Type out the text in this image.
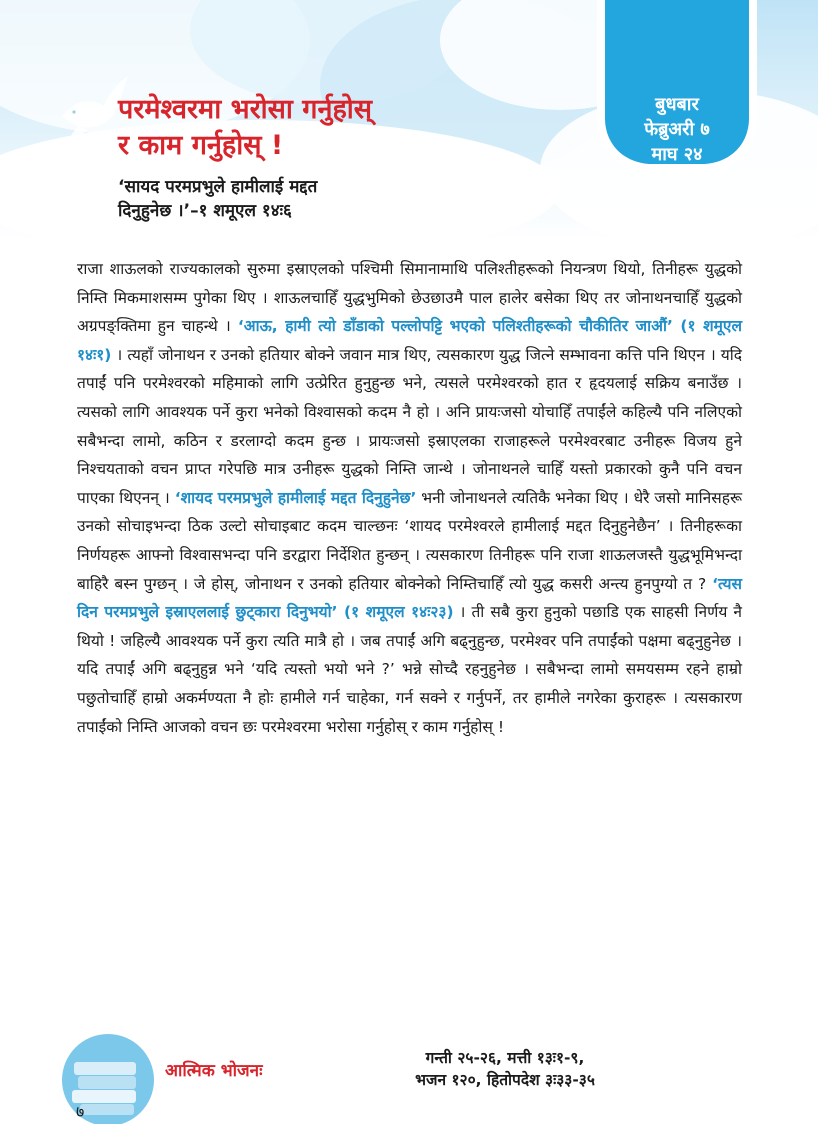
परमेश्वरमा भरोसा गर्नुहोस्
र काम गर्नुहोस् !
‘सायद परमप्रभुले हामीलाई मद्दत
दिनुहुनेछ ।’–१ शमूएल १४ः६
बुधबार
फेब्रुअरी ७
माघ २४
राजा शाऊलको राज्यकालको सुरुमा इस्राएलको पश्चिमी सिमानामाथि पलिश्तीहरूको नियन्त्रण थियो, तिनीहरू युद्धको निम्ति मिकमाशसम्म पुगेका थिए । शाऊलचाहिँ युद्धभुमिको छेउछाउमै पाल हालेर बसेका थिए तर जोनाथनचाहिँ युद्धको अग्रपङ्क्तिमा हुन चाहन्थे । ‘आऊ, हामी त्यो डाँडाको पल्लोपट्टि भएको पलिश्तीहरूको चौकीतिर जाऔं’ (१ शमूएल १४ः१) । त्यहाँ जोनाथन र उनको हतियार बोक्ने जवान मात्र थिए, त्यसकारण युद्ध जित्ने सम्भावना कत्ति पनि थिएन । यदि तपाईं पनि परमेश्वरको महिमाको लागि उत्प्रेरित हुनुहुन्छ भने, त्यसले परमेश्वरको हात र हृदयलाई सक्रिय बनाउँछ । त्यसको लागि आवश्यक पर्ने कुरा भनेको विश्वासको कदम नै हो । अनि प्रायःजसो योचाहिँ तपाईंले कहिल्यै पनि नलिएको सबैभन्दा लामो, कठिन र डरलाग्दो कदम हुन्छ । प्रायःजसो इस्राएलका राजाहरूले परमेश्वरबाट उनीहरू विजय हुने निश्चयताको वचन प्राप्त गरेपछि मात्र उनीहरू युद्धको निम्ति जान्थे । जोनाथनले चाहिँ यस्तो प्रकारको कुनै पनि वचन पाएका थिएनन् । ‘शायद परमप्रभुले हामीलाई मद्दत दिनुहुनेछ’ भनी जोनाथनले त्यतिकै भनेका थिए । धेरै जसो मानिसहरू उनको सोचाइभन्दा ठिक उल्टो सोचाइबाट कदम चाल्छनः ‘शायद परमेश्वरले हामीलाई मद्दत दिनुहुनेछैन’ । तिनीहरूका निर्णयहरू आफ्नो विश्वासभन्दा पनि डरद्वारा निर्देशित हुन्छन् । त्यसकारण तिनीहरू पनि राजा शाऊलजस्तै युद्धभूमिभन्दा बाहिरै बस्न पुग्छन् । जे होस्, जोनाथन र उनको हतियार बोक्नेको निम्तिचाहिँ त्यो युद्ध कसरी अन्त्य हुनपुग्यो त ? ‘त्यस दिन परमप्रभुले इस्राएललाई छुट्कारा दिनुभयो’ (१ शमूएल १४ः२३) । ती सबै कुरा हुनुको पछाडि एक साहसी निर्णय नै थियो ! जहिल्यै आवश्यक पर्ने कुरा त्यति मात्रै हो । जब तपाईं अगि बढ्नुहुन्छ, परमेश्वर पनि तपाईंको पक्षमा बढ्नुहुनेछ । यदि तपाईं अगि बढ्नुहुन्न भने ‘यदि त्यस्तो भयो भने ?’ भन्ने सोच्दै रहनुहुनेछ । सबैभन्दा लामो समयसम्म रहने हाम्रो पछुतोचाहिँ हाम्रो अकर्मण्यता नै होः हामीले गर्न चाहेका, गर्न सक्ने र गर्नुपर्ने, तर हामीले नगरेका कुराहरू । त्यसकारण तपाईंको निम्ति आजको वचन छः परमेश्वरमा भरोसा गर्नुहोस् र काम गर्नुहोस् !
आत्मिक भोजनः
गन्ती २५-२६, मत्ती १३ः१-९,
भजन १२०, हितोपदेश ३ः३३-३५
७
